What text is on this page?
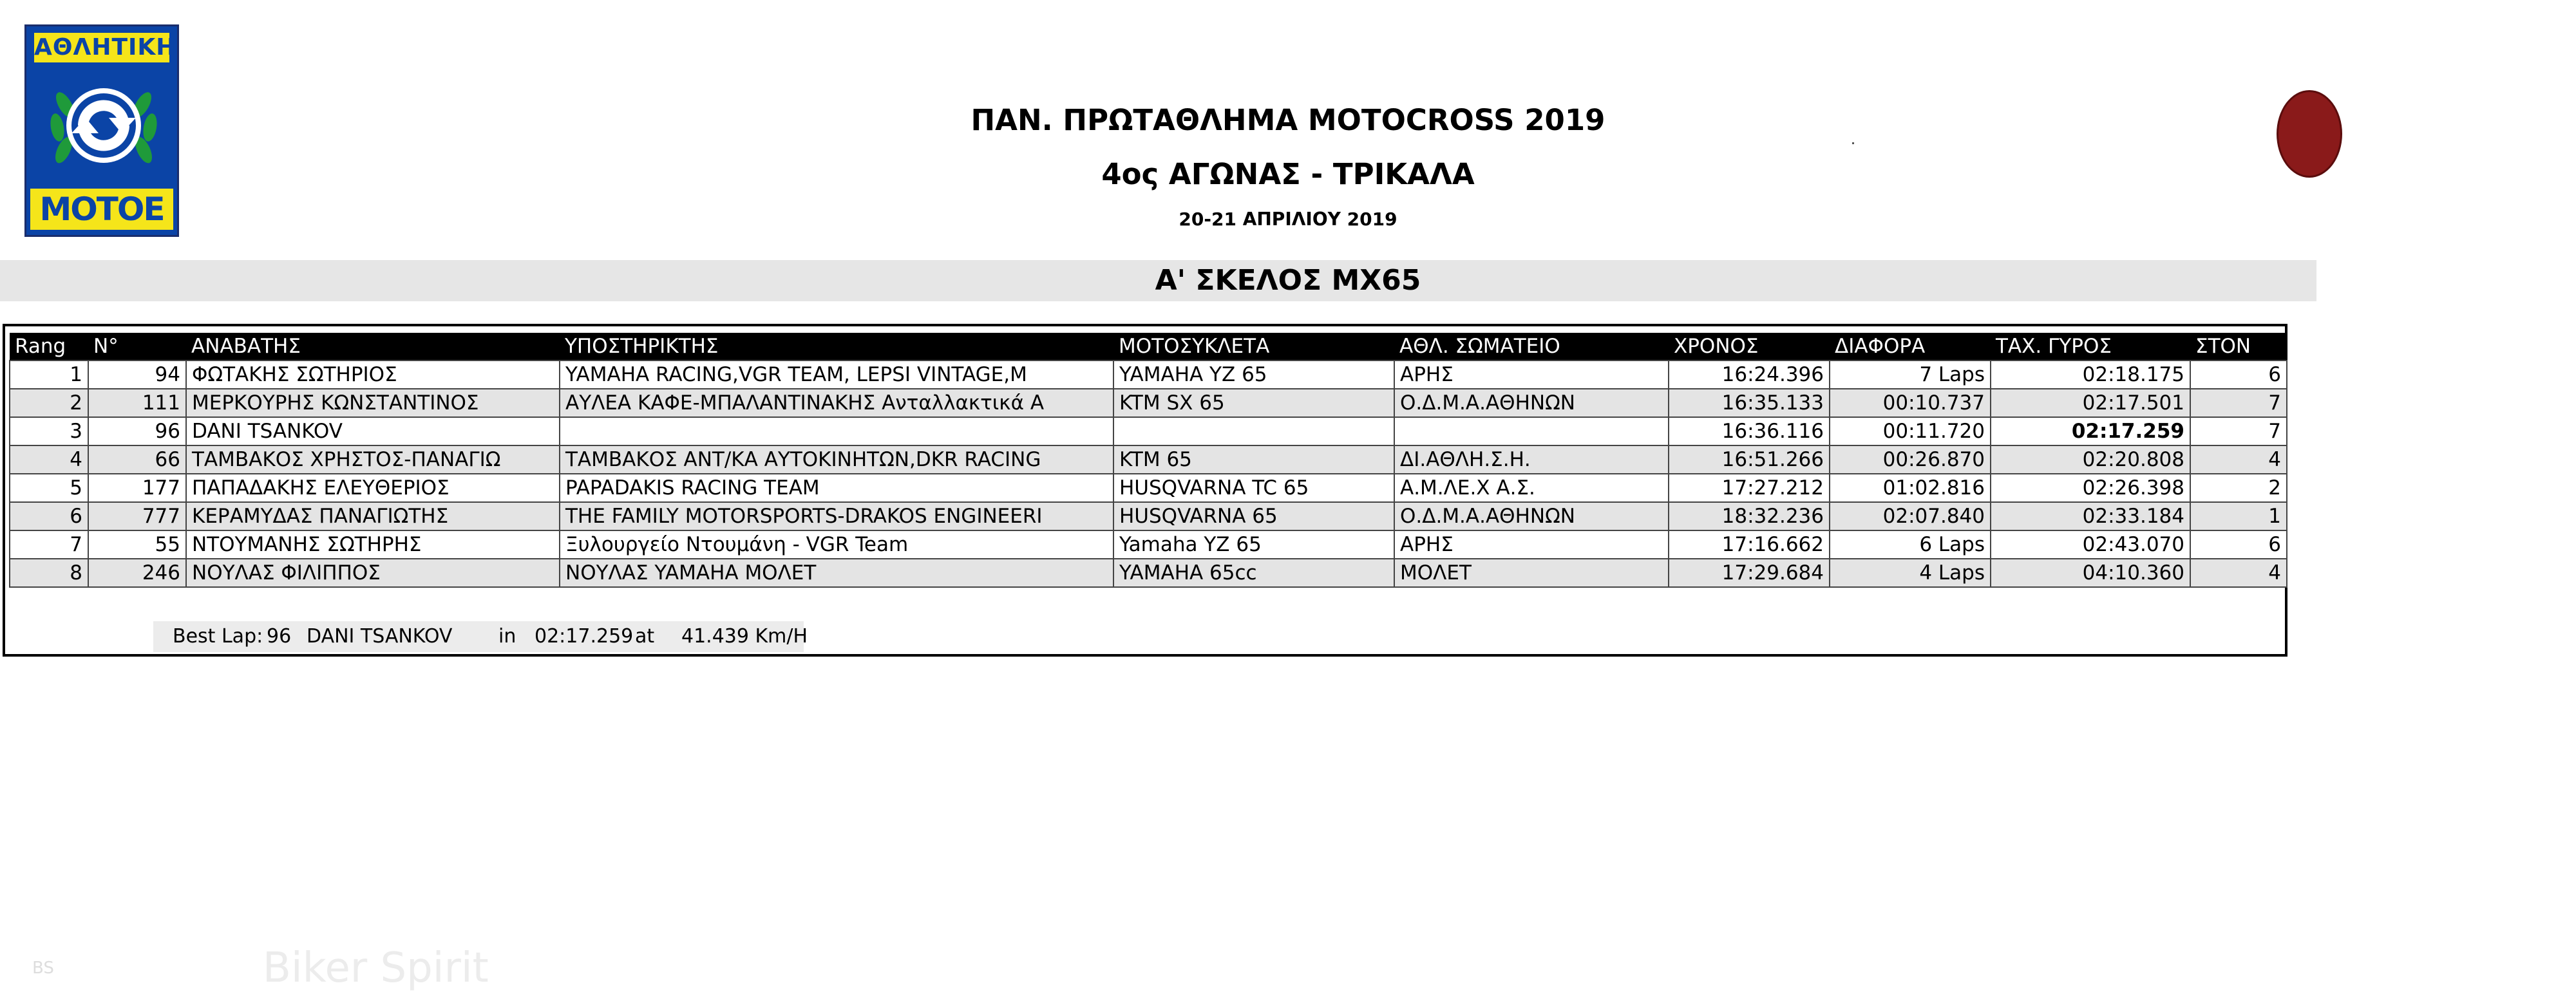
ΑΘΛΗΤΙΚΗ
ΜΟΤΟΕ
ΠΑΝ. ΠΡΩΤΑΘΛΗΜΑ MOTOCROSS 2019
4ος ΑΓΩΝΑΣ - ΤΡΙΚΑΛΑ
20-21 ΑΠΡΙΛΙΟΥ 2019
Α' ΣΚΕΛΟΣ MX65
Rang	N°	ΑΝΑΒΑΤΗΣ	ΥΠΟΣΤΗΡΙΚΤΗΣ	ΜΟΤΟΣΥΚΛΕΤΑ	ΑΘΛ. ΣΩΜΑΤΕΙΟ	ΧΡΟΝΟΣ	ΔΙΑΦΟΡΑ	ΤΑΧ. ΓΥΡΟΣ	ΣΤΟΝ
1	94	ΦΩΤΑΚΗΣ ΣΩΤΗΡΙΟΣ	YAMAHA RACING,VGR TEAM, LEPSI VINTAGE,M	YAMAHA YZ 65	ΑΡΗΣ	16:24.396	7 Laps	02:18.175	6
2	111	ΜΕΡΚΟΥΡΗΣ ΚΩΝΣΤΑΝΤΙΝΟΣ	ΑΥΛΕΑ ΚΑΦΕ-ΜΠΑΛΑΝΤΙΝΑΚΗΣ Ανταλλακτικά Α	KTM SX 65	Ο.Δ.Μ.Α.ΑΘΗΝΩΝ	16:35.133	00:10.737	02:17.501	7
3	96	DANI TSANKOV				16:36.116	00:11.720	02:17.259	7
4	66	ΤΑΜΒΑΚΟΣ ΧΡΗΣΤΟΣ-ΠΑΝΑΓΙΩ	ΤΑΜΒΑΚΟΣ ΑΝΤ/ΚΑ ΑΥΤΟΚΙΝΗΤΩΝ,DKR RACING	KTM 65	ΔΙ.ΑΘΛΗ.Σ.Η.	16:51.266	00:26.870	02:20.808	4
5	177	ΠΑΠΑΔΑΚΗΣ ΕΛΕΥΘΕΡΙΟΣ	PAPADAKIS RACING TEAM	HUSQVARNA TC 65	Α.Μ.ΛΕ.Χ Α.Σ.	17:27.212	01:02.816	02:26.398	2
6	777	ΚΕΡΑΜΥΔΑΣ ΠΑΝΑΓΙΩΤΗΣ	THE FAMILY MOTORSPORTS-DRAKOS ENGINEERI	HUSQVARNA 65	Ο.Δ.Μ.Α.ΑΘΗΝΩΝ	18:32.236	02:07.840	02:33.184	1
7	55	ΝΤΟΥΜΑΝΗΣ ΣΩΤΗΡΗΣ	Ξυλουργείο Ντουμάνη - VGR Team	Yamaha YZ 65	ΑΡΗΣ	17:16.662	6 Laps	02:43.070	6
8	246	ΝΟΥΛΑΣ ΦΙΛΙΠΠΟΣ	ΝΟΥΛΑΣ YAMAHA ΜΟΛΕΤ	YAMAHA 65cc	ΜΟΛΕΤ	17:29.684	4 Laps	04:10.360	4
BS	Biker Spirit
Best Lap: 96 DANI TSANKOV in 02:17.259 at 41.439 Km/H
